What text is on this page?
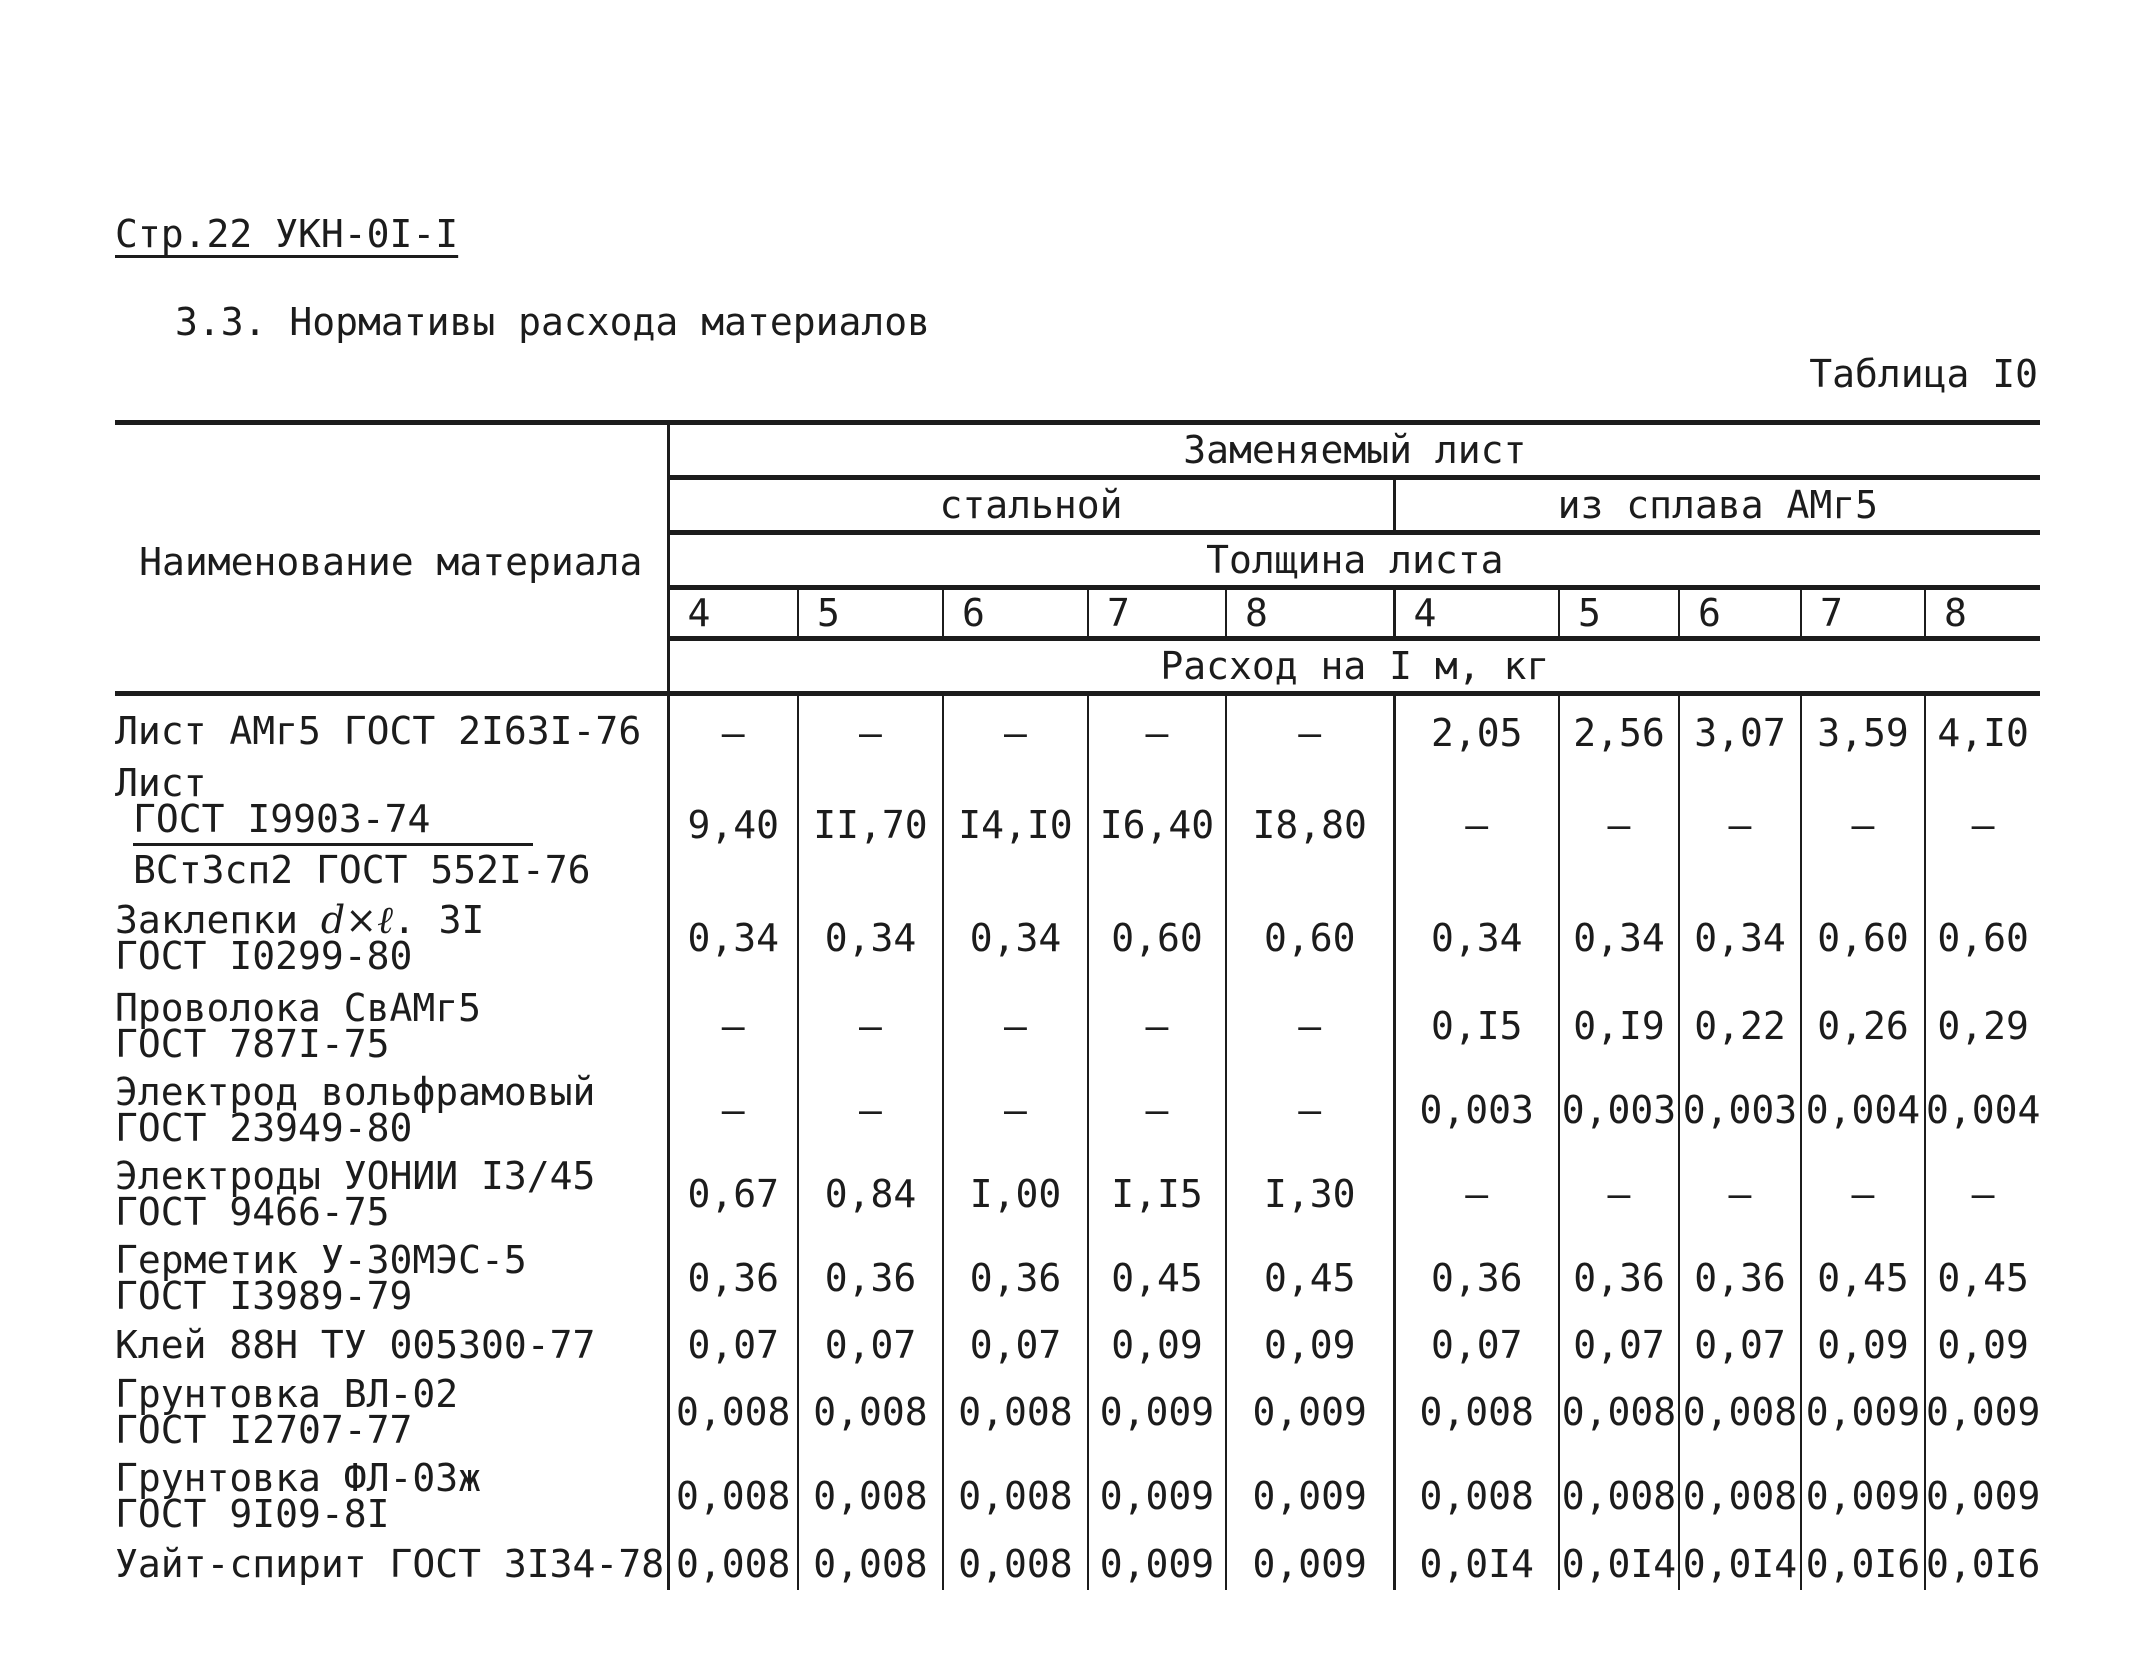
Стр.22 УКН-0I-I
3.3. Нормативы расхода материалов
Таблица I0
Наименование материала	Заменяемый лист									
	стальной					из сплава АМг5				
	Толщина листа									
	4	5	6	7	8	4	5	6	7	8
	Расход на I м, кг									
Лист АМг5 ГОСТ 2I63I-76	–	–	–	–	–	2,05	2,56	3,07	3,59	4,I0
Лист
ГОСТ I9903-74
ВСт3сп2 ГОСТ 552I-76	9,40	II,70	I4,I0	I6,40	I8,80	–	–	–	–	–
Заклепки d×ℓ. 3I
ГОСТ I0299-80	0,34	0,34	0,34	0,60	0,60	0,34	0,34	0,34	0,60	0,60
Проволока СвАМг5
ГОСТ 787I-75	–	–	–	–	–	0,I5	0,I9	0,22	0,26	0,29
Электрод вольфрамовый
ГОСТ 23949-80	–	–	–	–	–	0,003	0,003	0,003	0,004	0,004
Электроды УОНИИ I3/45
ГОСТ 9466-75	0,67	0,84	I,00	I,I5	I,30	–	–	–	–	–
Герметик У-30МЭС-5
ГОСТ I3989-79	0,36	0,36	0,36	0,45	0,45	0,36	0,36	0,36	0,45	0,45
Клей 88Н ТУ 005300-77	0,07	0,07	0,07	0,09	0,09	0,07	0,07	0,07	0,09	0,09
Грунтовка ВЛ-02
ГОСТ I2707-77	0,008	0,008	0,008	0,009	0,009	0,008	0,008	0,008	0,009	0,009
Грунтовка ФЛ-03ж
ГОСТ 9I09-8I	0,008	0,008	0,008	0,009	0,009	0,008	0,008	0,008	0,009	0,009
Уайт-спирит ГОСТ 3I34-78	0,008	0,008	0,008	0,009	0,009	0,0I4	0,0I4	0,0I4	0,0I6	0,0I6
